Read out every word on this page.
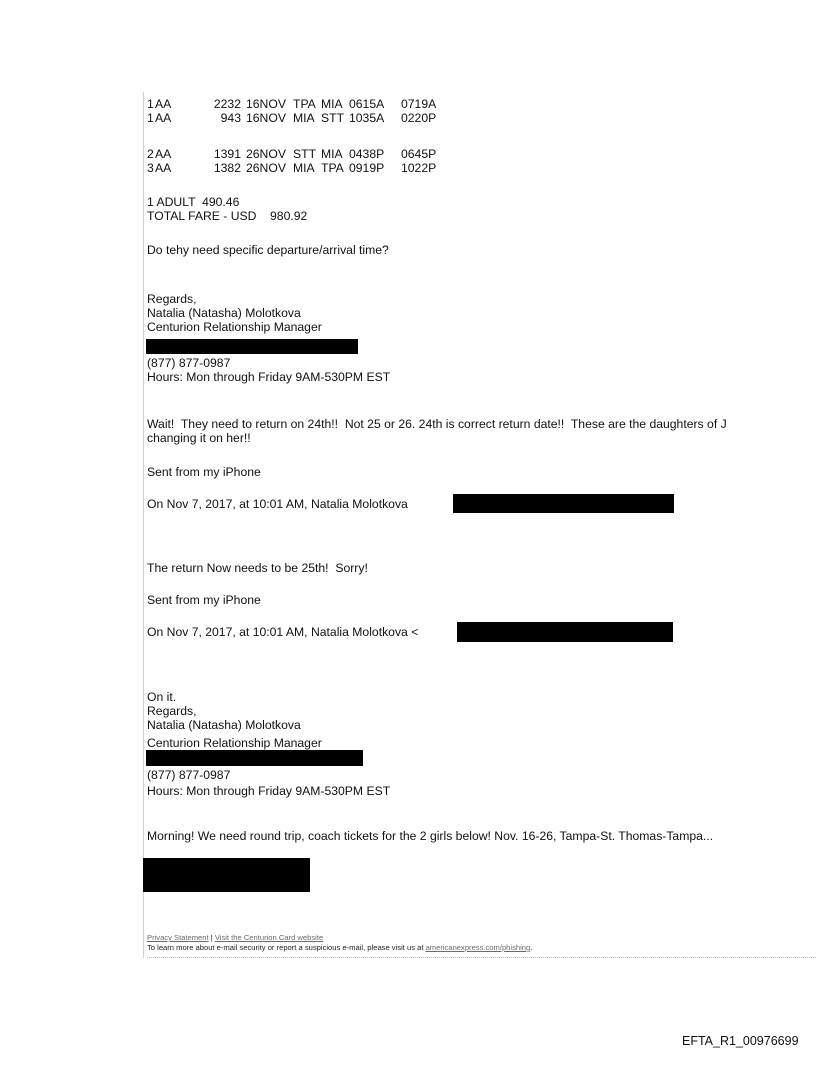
1 AA	2232 16NOV TPA MIA 0615A 0719A
1 AA	943 16NOV MIA STT 1035A 0220P
2 AA	1391 26NOV STT MIA 0438P 0645P
3 AA	1382 26NOV MIA TPA 0919P 1022P
1 ADULT  490.46
TOTAL FARE - USD    980.92
Do tehy need specific departure/arrival time?
Regards,
Natalia (Natasha) Molotkova
Centurion Relationship Manager
(877) 877-0987
Hours: Mon through Friday 9AM-530PM EST
Wait!  They need to return on 24th!!  Not 25 or 26. 24th is correct return date!!  These are the daughters of J
changing it on her!!
Sent from my iPhone
On Nov 7, 2017, at 10:01 AM, Natalia Molotkova
The return Now needs to be 25th!  Sorry!
Sent from my iPhone
On Nov 7, 2017, at 10:01 AM, Natalia Molotkova <
On it.
Regards,
Natalia (Natasha) Molotkova
Centurion Relationship Manager
(877) 877-0987
Hours: Mon through Friday 9AM-530PM EST
Morning! We need round trip, coach tickets for the 2 girls below! Nov. 16-26, Tampa-St. Thomas-Tampa...
Privacy Statement | Visit the Centurion Card website
To learn more about e-mail security or report a suspicious e-mail, please visit us at americanexpress.com/phishing.
EFTA_R1_00976699
